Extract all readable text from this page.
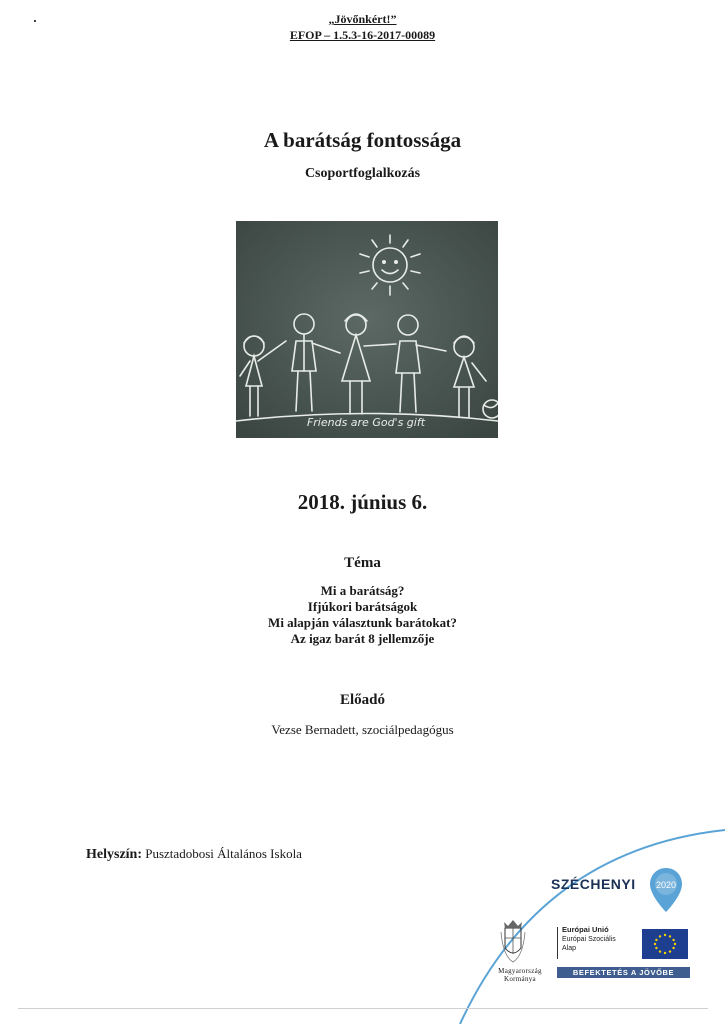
„Jövőnkért!”
EFOP – 1.5.3-16-2017-00089
A barátság fontossága
Csoportfoglalkozás
Friends are God's gift
2018. június 6.
Téma
Mi a barátság?
Ifjúkori barátságok
Mi alapján választunk barátokat?
Az igaz barát 8 jellemzője
Előadó
Vezse Bernadett, szociálpedagógus
Helyszín: Pusztadobosi Általános Iskola
SZÉCHENYI 2020
Magyarország
Kormánya
Európai Unió
Európai Szociális
Alap
BEFEKTETÉS A JÖVŐBE
